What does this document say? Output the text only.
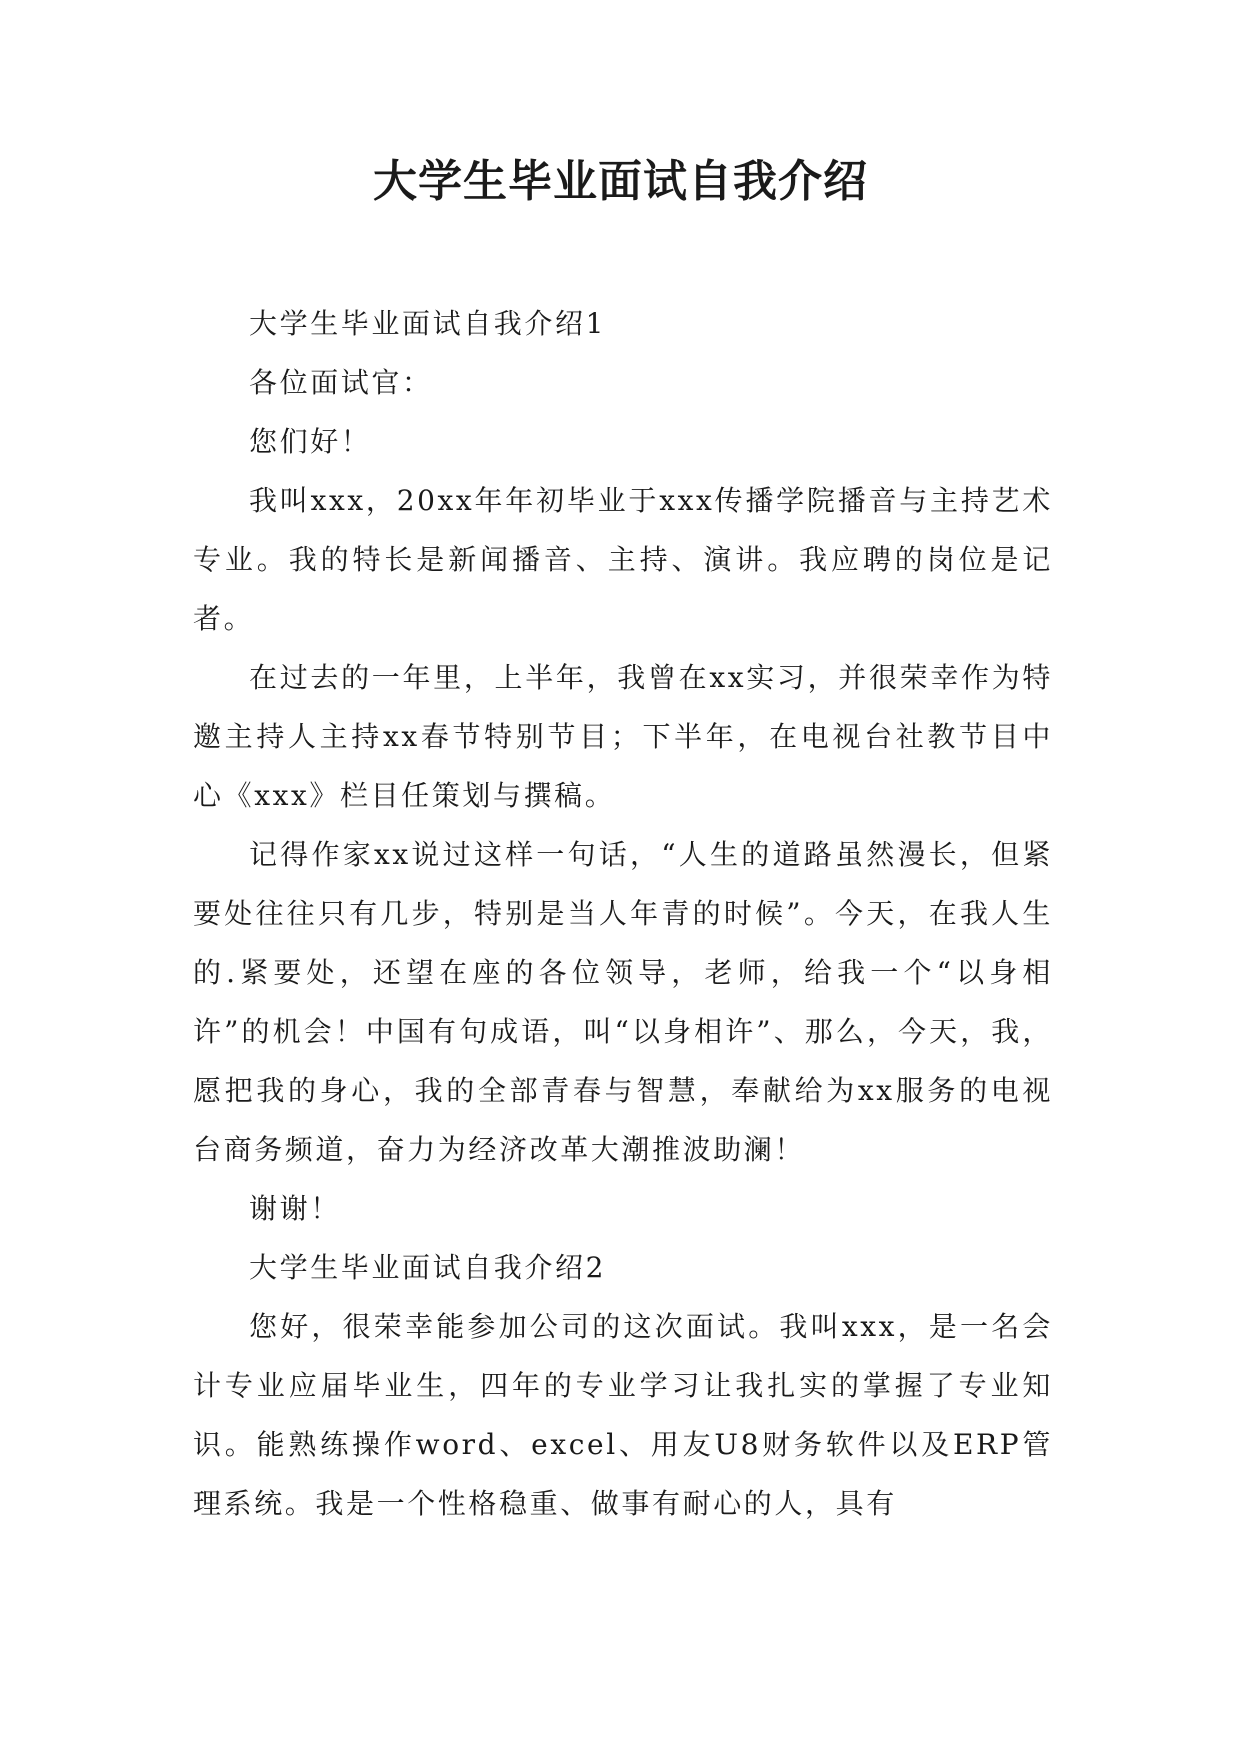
大学生毕业面试自我介绍

大学生毕业面试自我介绍1

各位面试官：

您们好！

我叫xxx，20xx年年初毕业于xxx传播学院播音与主持艺术专业。我的特长是新闻播音、主持、演讲。我应聘的岗位是记者。

在过去的一年里，上半年，我曾在xx实习，并很荣幸作为特邀主持人主持xx春节特别节目；下半年，在电视台社教节目中心《xxx》栏目任策划与撰稿。

记得作家xx说过这样一句话，“人生的道路虽然漫长，但紧要处往往只有几步，特别是当人年青的时候”。今天，在我人生的.紧要处，还望在座的各位领导，老师，给我一个“以身相许”的机会！中国有句成语，叫“以身相许”、那么，今天，我，愿把我的身心，我的全部青春与智慧，奉献给为xx服务的电视台商务频道，奋力为经济改革大潮推波助澜！

谢谢！

大学生毕业面试自我介绍2

您好，很荣幸能参加公司的这次面试。我叫xxx，是一名会计专业应届毕业生，四年的专业学习让我扎实的掌握了专业知识。能熟练操作word、excel、用友U8财务软件以及ERP管理系统。我是一个性格稳重、做事有耐心的人，具有
